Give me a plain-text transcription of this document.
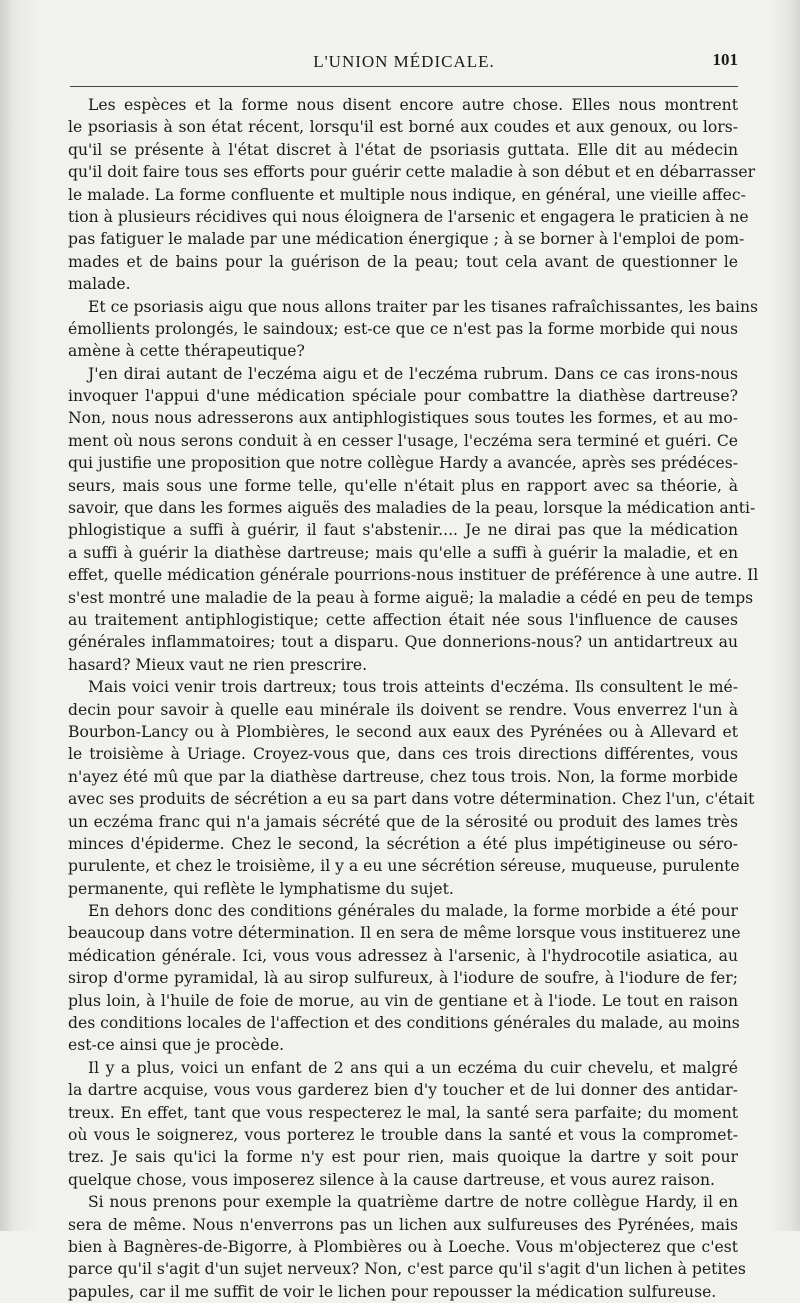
L'UNION MÉDICALE.	101
Les espèces et la forme nous disent encore autre chose. Elles nous montrent
le psoriasis à son état récent, lorsqu'il est borné aux coudes et aux genoux, ou lors-
qu'il se présente à l'état discret à l'état de psoriasis guttata. Elle dit au médecin
qu'il doit faire tous ses efforts pour guérir cette maladie à son début et en débarrasser
le malade. La forme confluente et multiple nous indique, en général, une vieille affec-
tion à plusieurs récidives qui nous éloignera de l'arsenic et engagera le praticien à ne
pas fatiguer le malade par une médication énergique ; à se borner à l'emploi de pom-
mades et de bains pour la guérison de la peau; tout cela avant de questionner le
malade.
Et ce psoriasis aigu que nous allons traiter par les tisanes rafraîchissantes, les bains
émollients prolongés, le saindoux; est-ce que ce n'est pas la forme morbide qui nous
amène à cette thérapeutique?
J'en dirai autant de l'eczéma aigu et de l'eczéma rubrum. Dans ce cas irons-nous
invoquer l'appui d'une médication spéciale pour combattre la diathèse dartreuse?
Non, nous nous adresserons aux antiphlogistiques sous toutes les formes, et au mo-
ment où nous serons conduit à en cesser l'usage, l'eczéma sera terminé et guéri. Ce
qui justifie une proposition que notre collègue Hardy a avancée, après ses prédéces-
seurs, mais sous une forme telle, qu'elle n'était plus en rapport avec sa théorie, à
savoir, que dans les formes aiguës des maladies de la peau, lorsque la médication anti-
phlogistique a suffi à guérir, il faut s'abstenir.... Je ne dirai pas que la médication
a suffi à guérir la diathèse dartreuse; mais qu'elle a suffi à guérir la maladie, et en
effet, quelle médication générale pourrions-nous instituer de préférence à une autre. Il
s'est montré une maladie de la peau à forme aiguë; la maladie a cédé en peu de temps
au traitement antiphlogistique; cette affection était née sous l'influence de causes
générales inflammatoires; tout a disparu. Que donnerions-nous? un antidartreux au
hasard? Mieux vaut ne rien prescrire.
Mais voici venir trois dartreux; tous trois atteints d'eczéma. Ils consultent le mé-
decin pour savoir à quelle eau minérale ils doivent se rendre. Vous enverrez l'un à
Bourbon-Lancy ou à Plombières, le second aux eaux des Pyrénées ou à Allevard et
le troisième à Uriage. Croyez-vous que, dans ces trois directions différentes, vous
n'ayez été mû que par la diathèse dartreuse, chez tous trois. Non, la forme morbide
avec ses produits de sécrétion a eu sa part dans votre détermination. Chez l'un, c'était
un eczéma franc qui n'a jamais sécrété que de la sérosité ou produit des lames très
minces d'épiderme. Chez le second, la sécrétion a été plus impétigineuse ou séro-
purulente, et chez le troisième, il y a eu une sécrétion séreuse, muqueuse, purulente
permanente, qui reflète le lymphatisme du sujet.
En dehors donc des conditions générales du malade, la forme morbide a été pour
beaucoup dans votre détermination. Il en sera de même lorsque vous instituerez une
médication générale. Ici, vous vous adressez à l'arsenic, à l'hydrocotile asiatica, au
sirop d'orme pyramidal, là au sirop sulfureux, à l'iodure de soufre, à l'iodure de fer;
plus loin, à l'huile de foie de morue, au vin de gentiane et à l'iode. Le tout en raison
des conditions locales de l'affection et des conditions générales du malade, au moins
est-ce ainsi que je procède.
Il y a plus, voici un enfant de 2 ans qui a un eczéma du cuir chevelu, et malgré
la dartre acquise, vous vous garderez bien d'y toucher et de lui donner des antidar-
treux. En effet, tant que vous respecterez le mal, la santé sera parfaite; du moment
où vous le soignerez, vous porterez le trouble dans la santé et vous la compromet-
trez. Je sais qu'ici la forme n'y est pour rien, mais quoique la dartre y soit pour
quelque chose, vous imposerez silence à la cause dartreuse, et vous aurez raison.
Si nous prenons pour exemple la quatrième dartre de notre collègue Hardy, il en
sera de même. Nous n'enverrons pas un lichen aux sulfureuses des Pyrénées, mais
bien à Bagnères-de-Bigorre, à Plombières ou à Loeche. Vous m'objecterez que c'est
parce qu'il s'agit d'un sujet nerveux? Non, c'est parce qu'il s'agit d'un lichen à petites
papules, car il me suffit de voir le lichen pour repousser la médication sulfureuse.
